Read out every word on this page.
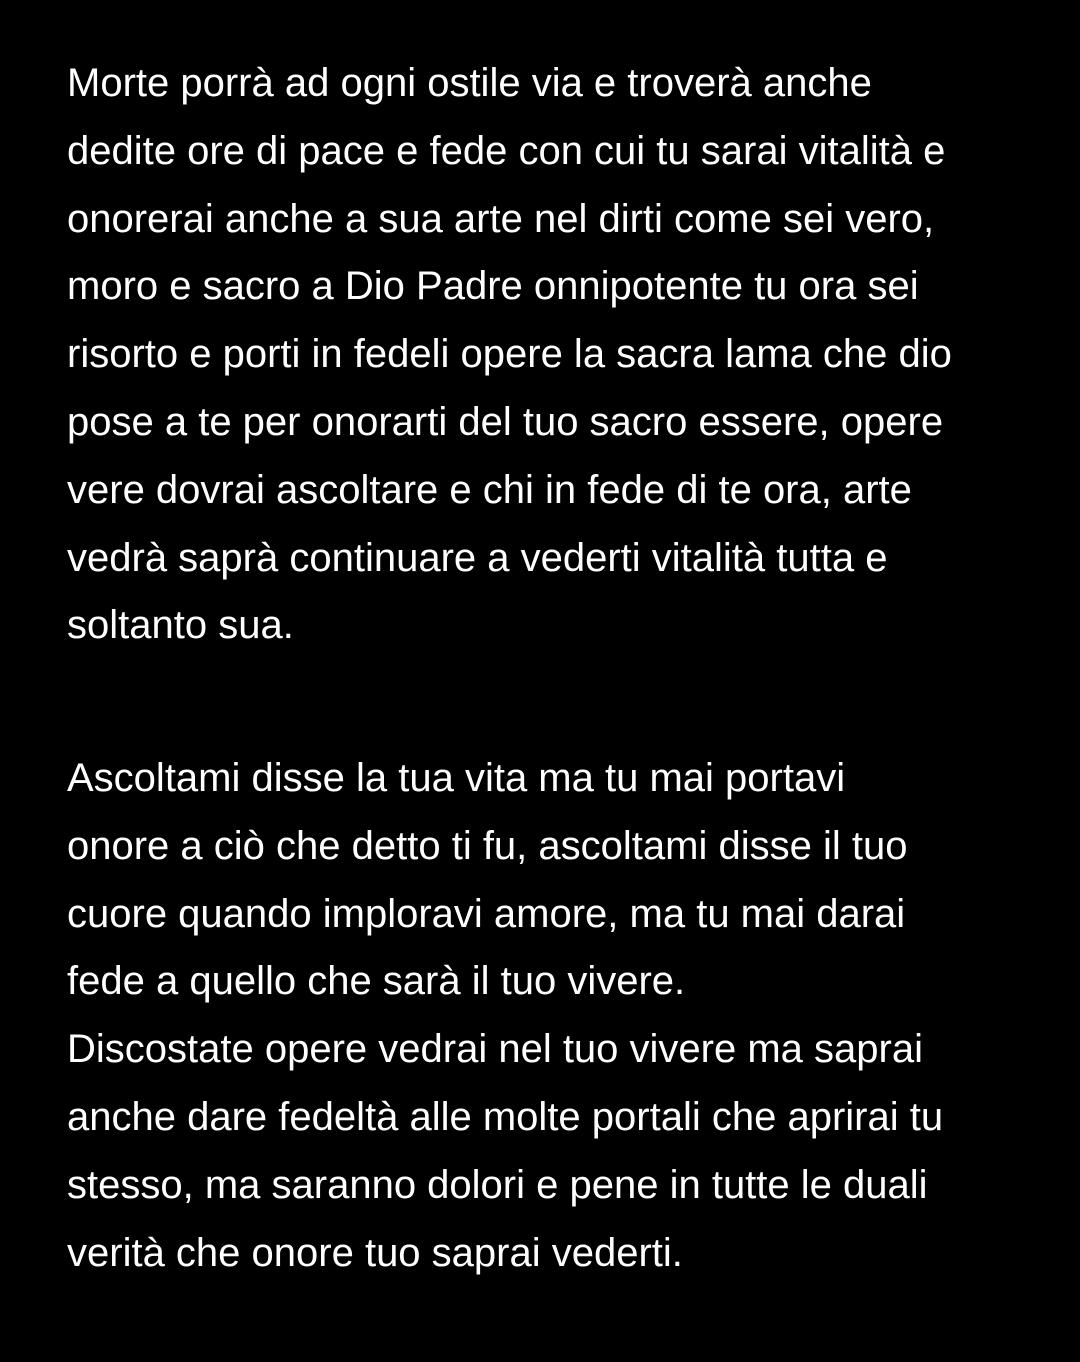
Morte porrà ad ogni ostile via e troverà anche
dedite ore di pace e fede con cui tu sarai vitalità e
onorerai anche a sua arte nel dirti come sei vero,
moro e sacro a Dio Padre onnipotente tu ora sei
risorto e porti in fedeli opere la sacra lama che dio
pose a te per onorarti del tuo sacro essere, opere
vere dovrai ascoltare e chi in fede di te ora, arte
vedrà saprà continuare a vederti vitalità tutta e
soltanto sua.
Ascoltami disse la tua vita ma tu mai portavi
onore a ciò che detto ti fu, ascoltami disse il tuo
cuore quando imploravi amore, ma tu mai darai
fede a quello che sarà il tuo vivere.
Discostate opere vedrai nel tuo vivere ma saprai
anche dare fedeltà alle molte portali che aprirai tu
stesso, ma saranno dolori e pene in tutte le duali
verità che onore tuo saprai vederti.
